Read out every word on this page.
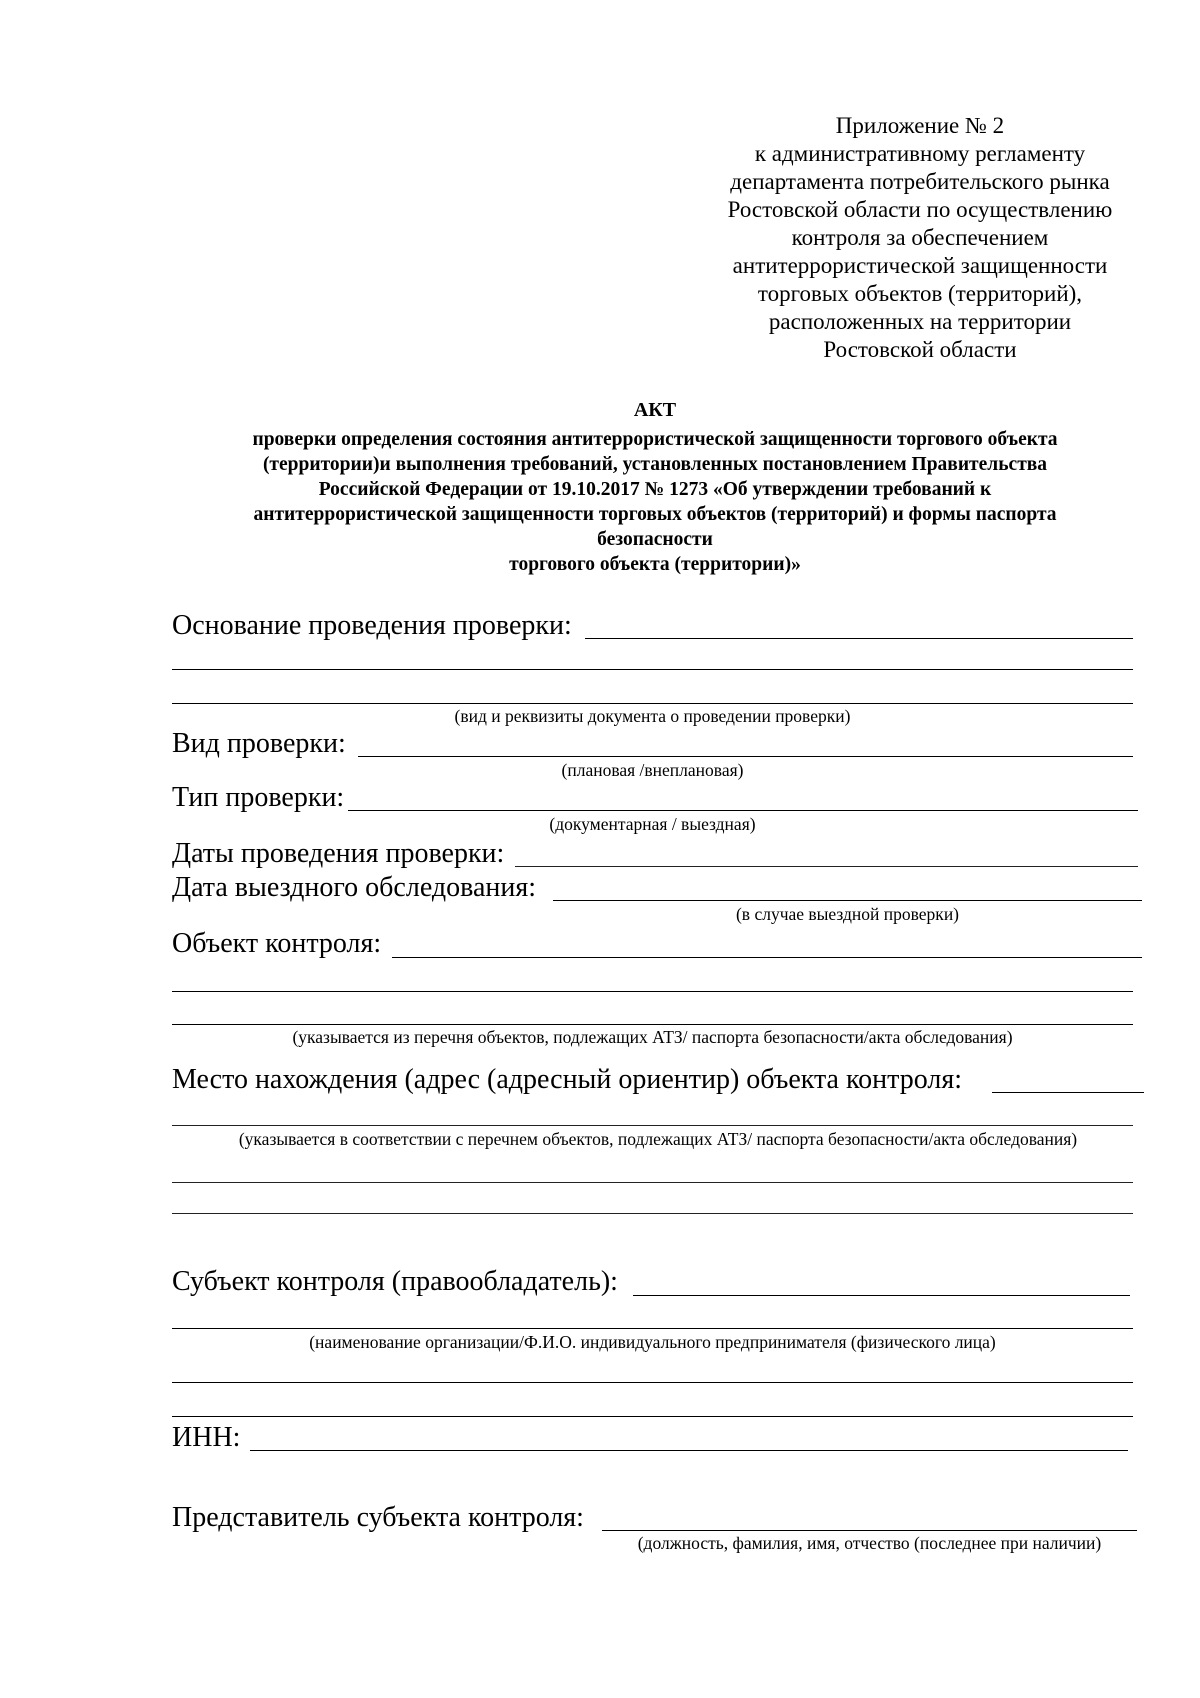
Приложение № 2
к административному регламенту
департамента потребительского рынка
Ростовской области по осуществлению
контроля за обеспечением
антитеррористической защищенности
торговых объектов (территорий),
расположенных на территории
Ростовской области
АКТ
проверки определения состояния антитеррористической защищенности торгового объекта
(территории)и выполнения требований, установленных постановлением Правительства
Российской Федерации от 19.10.2017 № 1273 «Об утверждении требований к
антитеррористической защищенности торговых объектов (территорий) и формы паспорта
безопасности
торгового объекта (территории)»
Основание проведения проверки:
(вид и реквизиты документа о проведении проверки)
Вид проверки:
(плановая /внеплановая)
Тип проверки:
(документарная / выездная)
Даты проведения проверки:
Дата выездного обследования:
(в случае выездной проверки)
Объект контроля:
(указывается из перечня объектов, подлежащих АТЗ/ паспорта безопасности/акта обследования)
Место нахождения (адрес (адресный ориентир) объекта контроля:
(указывается в соответствии с перечнем объектов, подлежащих АТЗ/ паспорта безопасности/акта обследования)
Субъект контроля (правообладатель):
(наименование организации/Ф.И.О. индивидуального предпринимателя (физического лица)
ИНН:
Представитель субъекта контроля:
(должность, фамилия, имя, отчество (последнее при наличии)
